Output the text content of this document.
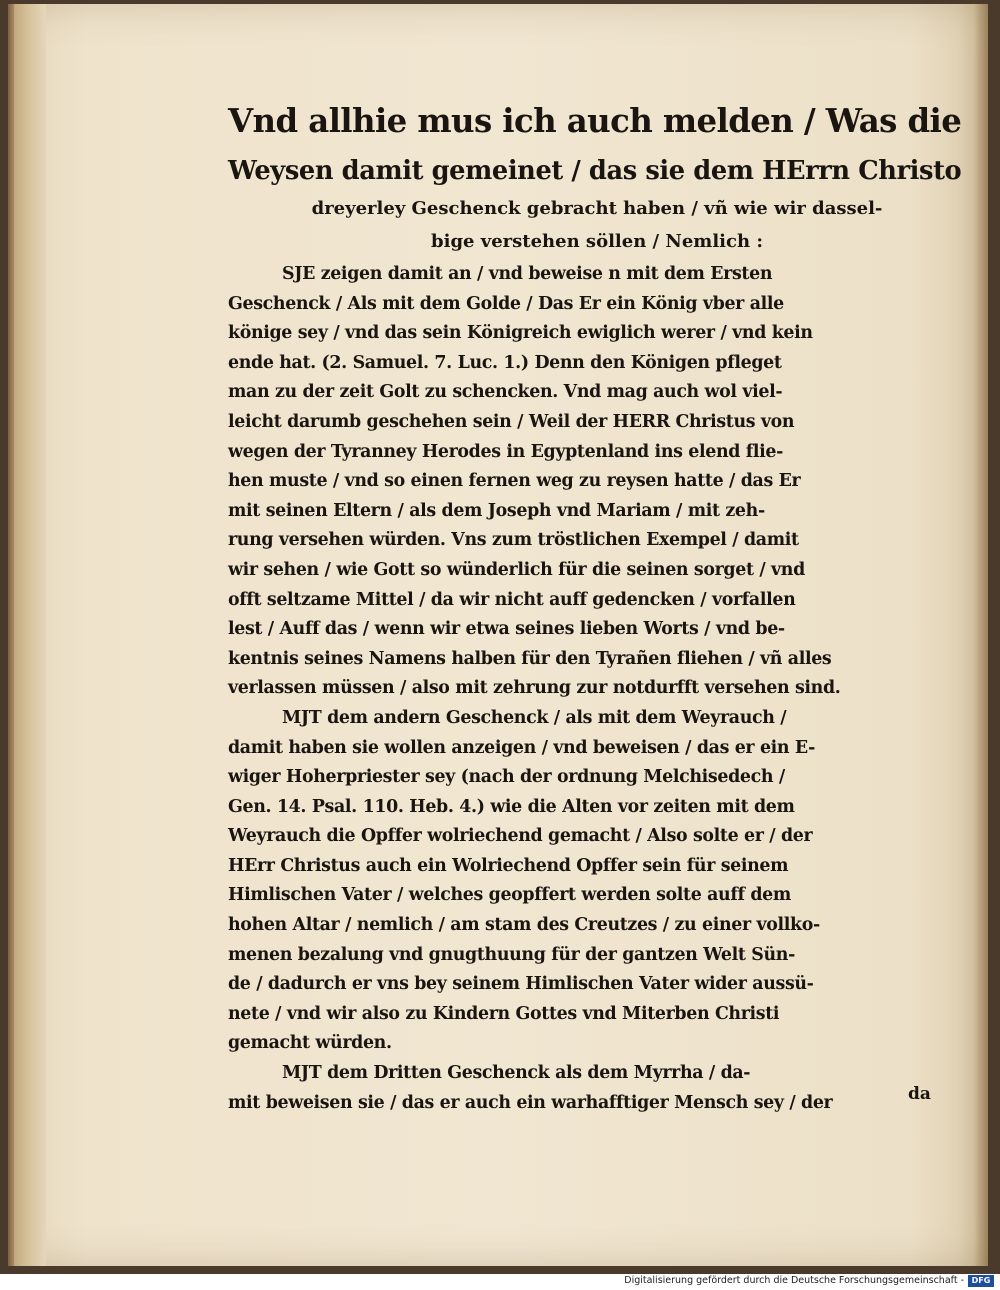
Vnd allhie mus ich auch melden / Was die
Weysen damit gemeinet / das sie dem HErrn Christo
dreyerley Geschenck gebracht haben / vñ wie wir dassel-
bige verstehen söllen / Nemlich :
SJE zeigen damit an / vnd beweise n mit dem Ersten
Geschenck / Als mit dem Golde / Das Er ein König vber alle
könige sey / vnd das sein Königreich ewiglich werer / vnd kein
ende hat. (2. Samuel. 7. Luc. 1.) Denn den Königen pfleget
man zu der zeit Golt zu schencken. Vnd mag auch wol viel-
leicht darumb geschehen sein / Weil der HERR Christus von
wegen der Tyranney Herodes in Egyptenland ins elend flie-
hen muste / vnd so einen fernen weg zu reysen hatte / das Er
mit seinen Eltern / als dem Joseph vnd Mariam / mit zeh-
rung versehen würden. Vns zum tröstlichen Exempel / damit
wir sehen / wie Gott so wünderlich für die seinen sorget / vnd
offt seltzame Mittel / da wir nicht auff gedencken / vorfallen
lest / Auff das / wenn wir etwa seines lieben Worts / vnd be-
kentnis seines Namens halben für den Tyrañen fliehen / vñ alles
verlassen müssen / also mit zehrung zur notdurfft versehen sind.
MJT dem andern Geschenck / als mit dem Weyrauch /
damit haben sie wollen anzeigen / vnd beweisen / das er ein E-
wiger Hoherpriester sey (nach der ordnung Melchisedech /
Gen. 14. Psal. 110. Heb. 4.) wie die Alten vor zeiten mit dem
Weyrauch die Opffer wolriechend gemacht / Also solte er / der
HErr Christus auch ein Wolriechend Opffer sein für seinem
Himlischen Vater / welches geopffert werden solte auff dem
hohen Altar / nemlich / am stam des Creutzes / zu einer vollko-
menen bezalung vnd gnugthuung für der gantzen Welt Sün-
de / dadurch er vns bey seinem Himlischen Vater wider aussü-
nete / vnd wir also zu Kindern Gottes vnd Miterben Christi
gemacht würden.
MJT dem Dritten Geschenck als dem Myrrha / da-
mit beweisen sie / das er auch ein warhafftiger Mensch sey / der	da
Digitalisierung gefördert durch die Deutsche Forschungsgemeinschaft - DFG
